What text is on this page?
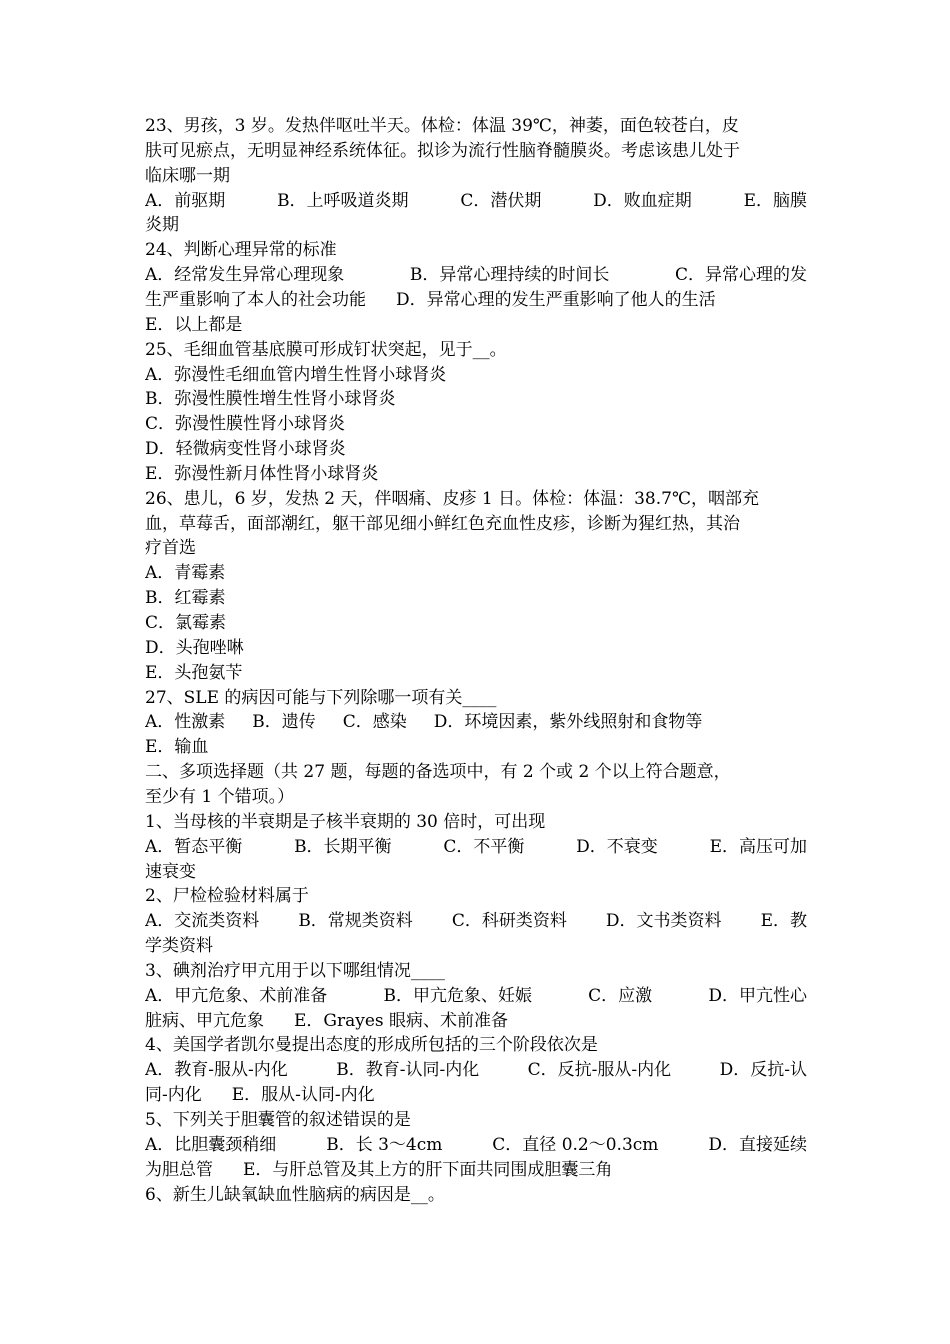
23、男孩，3 岁。发热伴呕吐半天。体检：体温 39℃，神萎，面色较苍白，皮
肤可见瘀点，无明显神经系统体征。拟诊为流行性脑脊髓膜炎。考虑该患儿处于
临床哪一期
A．前驱期	B．上呼吸道炎期	C．潜伏期	D．败血症期	E．脑膜
炎期
24、判断心理异常的标准
A．经常发生异常心理现象	B．异常心理持续的时间长	C．异常心理的发
生严重影响了本人的社会功能 D．异常心理的发生严重影响了他人的生活
E．以上都是
25、毛细血管基底膜可形成钉状突起，见于__。
A．弥漫性毛细血管内增生性肾小球肾炎
B．弥漫性膜性增生性肾小球肾炎
C．弥漫性膜性肾小球肾炎
D．轻微病变性肾小球肾炎
E．弥漫性新月体性肾小球肾炎
26、患儿，6 岁，发热 2 天，伴咽痛、皮疹 1 日。体检：体温：38.7℃，咽部充
血，草莓舌，面部潮红，躯干部见细小鲜红色充血性皮疹，诊断为猩红热，其治
疗首选
A．青霉素
B．红霉素
C．氯霉素
D．头孢唑啉
E．头孢氨苄
27、SLE 的病因可能与下列除哪一项有关____
A．性激素 B．遗传 C．感染 D．环境因素，紫外线照射和食物等
E．输血
二、多项选择题（共 27 题，每题的备选项中，有 2 个或 2 个以上符合题意，
至少有 1 个错项。）
1、当母核的半衰期是子核半衰期的 30 倍时，可出现
A．暂态平衡	B．长期平衡	C．不平衡	D．不衰变	E．高压可加
速衰变
2、尸检检验材料属于
A．交流类资料 B．常规类资料 C．科研类资料 D．文书类资料 E．教
学类资料
3、碘剂治疗甲亢用于以下哪组情况____
A．甲亢危象、术前准备	B．甲亢危象、妊娠	C．应激	D．甲亢性心
脏病、甲亢危象 E．Grayes 眼病、术前准备
4、美国学者凯尔曼提出态度的形成所包括的三个阶段依次是
A．教育-服从-内化	B．教育-认同-内化	C．反抗-服从-内化	D．反抗-认
同-内化 E．服从-认同-内化
5、下列关于胆囊管的叙述错误的是
A．比胆囊颈稍细	B．长 3～4cm	C．直径 0.2～0.3cm	D．直接延续
为胆总管 E．与肝总管及其上方的肝下面共同围成胆囊三角
6、新生儿缺氧缺血性脑病的病因是__。
